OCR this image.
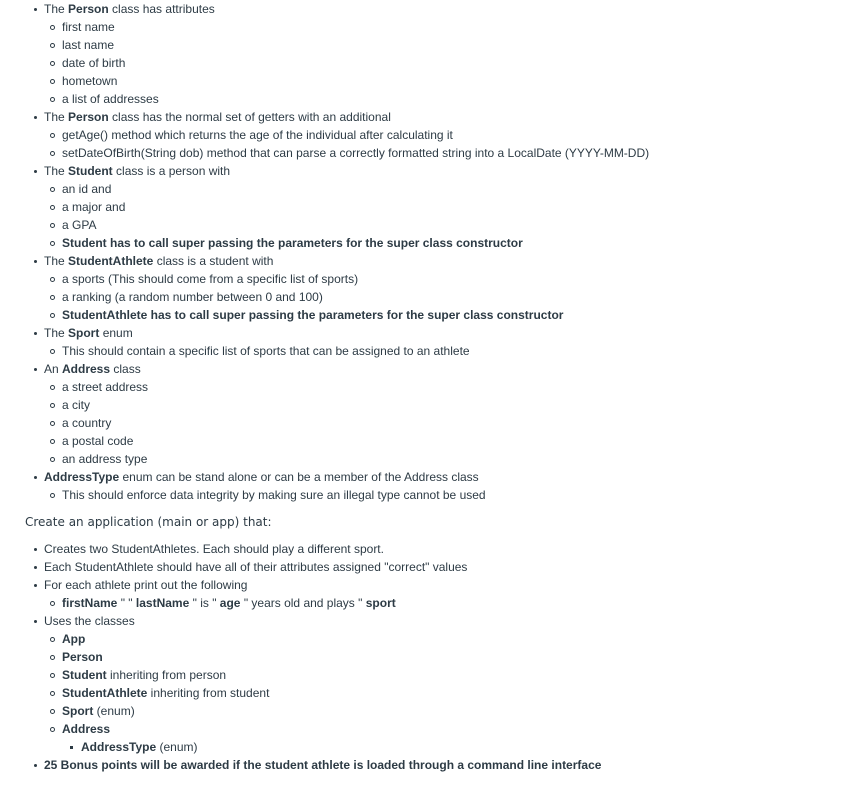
The Person class has attributes
first name
last name
date of birth
hometown
a list of addresses
The Person class has the normal set of getters with an additional
getAge() method which returns the age of the individual after calculating it
setDateOfBirth(String dob) method that can parse a correctly formatted string into a LocalDate (YYYY-MM-DD)
The Student class is a person with
an id and
a major and
a GPA
Student has to call super passing the parameters for the super class constructor
The StudentAthlete class is a student with
a sports (This should come from a specific list of sports)
a ranking (a random number between 0 and 100)
StudentAthlete has to call super passing the parameters for the super class constructor
The Sport enum
This should contain a specific list of sports that can be assigned to an athlete
An Address class
a street address
a city
a country
a postal code
an address type
AddressType enum can be stand alone or can be a member of the Address class
This should enforce data integrity by making sure an illegal type cannot be used

Create an application (main or app) that:

Creates two StudentAthletes. Each should play a different sport.
Each StudentAthlete should have all of their attributes assigned "correct" values
For each athlete print out the following
firstName " " lastName " is " age " years old and plays " sport
Uses the classes
App
Person
Student inheriting from person
StudentAthlete inheriting from student
Sport (enum)
Address
AddressType (enum)
25 Bonus points will be awarded if the student athlete is loaded through a command line interface
